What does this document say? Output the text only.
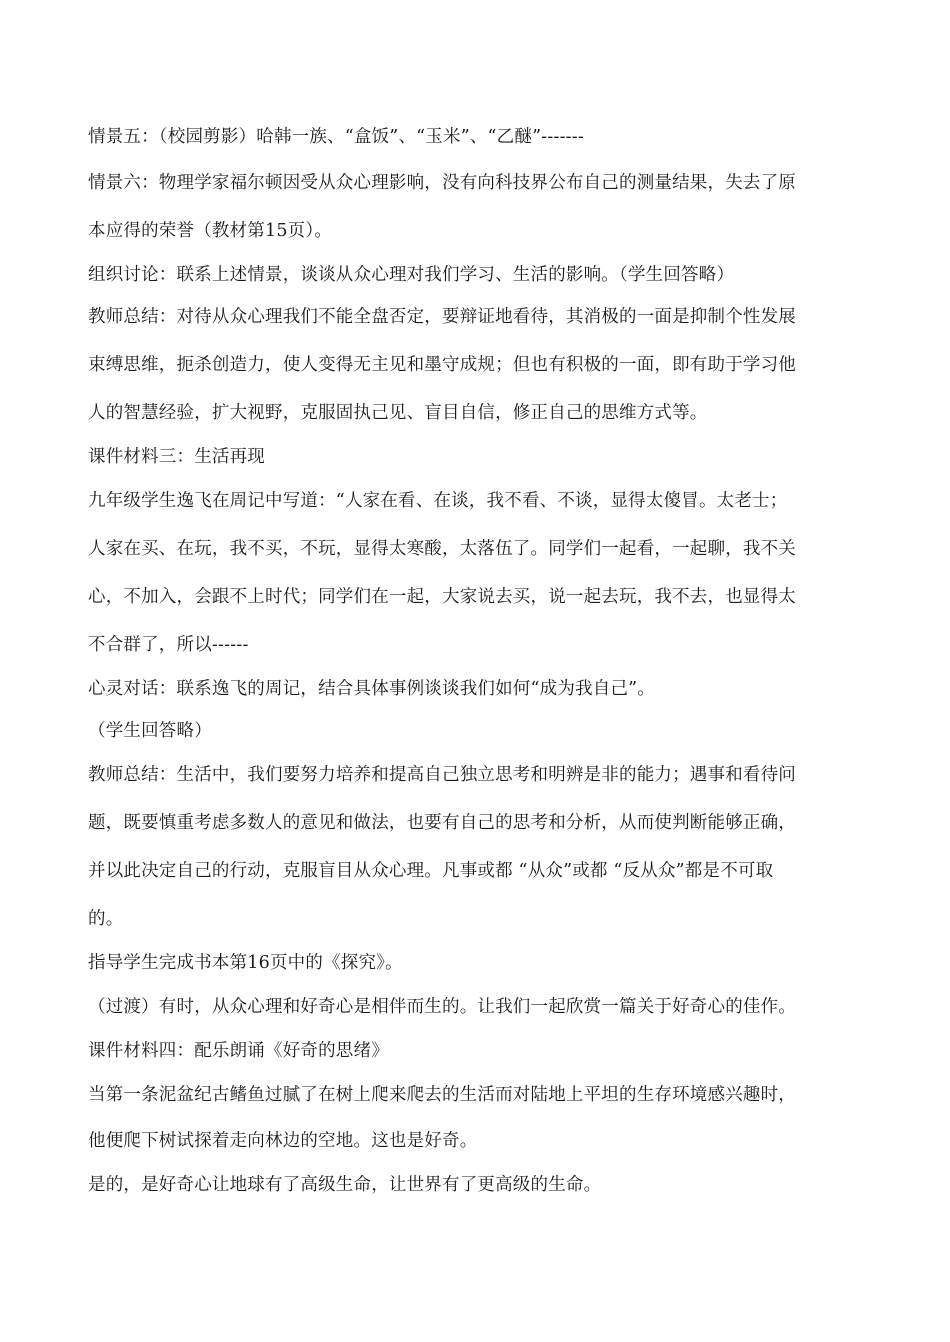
情景五：（校园剪影）哈韩一族、“盒饭”、“玉米”、“乙醚”-------
情景六：物理学家福尔顿因受从众心理影响，没有向科技界公布自己的测量结果，失去了原
本应得的荣誉（教材第15页）。
组织讨论：联系上述情景，谈谈从众心理对我们学习、生活的影响。（学生回答略）
教师总结：对待从众心理我们不能全盘否定，要辩证地看待，其消极的一面是抑制个性发展
束缚思维，扼杀创造力，使人变得无主见和墨守成规；但也有积极的一面，即有助于学习他
人的智慧经验，扩大视野，克服固执己见、盲目自信，修正自己的思维方式等。
课件材料三：生活再现
九年级学生逸飞在周记中写道：“人家在看、在谈，我不看、不谈，显得太傻冒。太老士；
人家在买、在玩，我不买，不玩，显得太寒酸，太落伍了。同学们一起看，一起聊，我不关
心，不加入，会跟不上时代；同学们在一起，大家说去买，说一起去玩，我不去，也显得太
不合群了，所以------
心灵对话：联系逸飞的周记，结合具体事例谈谈我们如何“成为我自己”。
（学生回答略）
教师总结：生活中，我们要努力培养和提高自己独立思考和明辨是非的能力；遇事和看待问
题，既要慎重考虑多数人的意见和做法，也要有自己的思考和分析，从而使判断能够正确，
并以此决定自己的行动，克服盲目从众心理。凡事或都 “从众”或都 “反从众”都是不可取
的。
指导学生完成书本第16页中的《探究》。
（过渡）有时，从众心理和好奇心是相伴而生的。让我们一起欣赏一篇关于好奇心的佳作。
课件材料四：配乐朗诵《好奇的思绪》
当第一条泥盆纪古鳍鱼过腻了在树上爬来爬去的生活而对陆地上平坦的生存环境感兴趣时，
他便爬下树试探着走向林边的空地。这也是好奇。
是的，是好奇心让地球有了高级生命，让世界有了更高级的生命。
